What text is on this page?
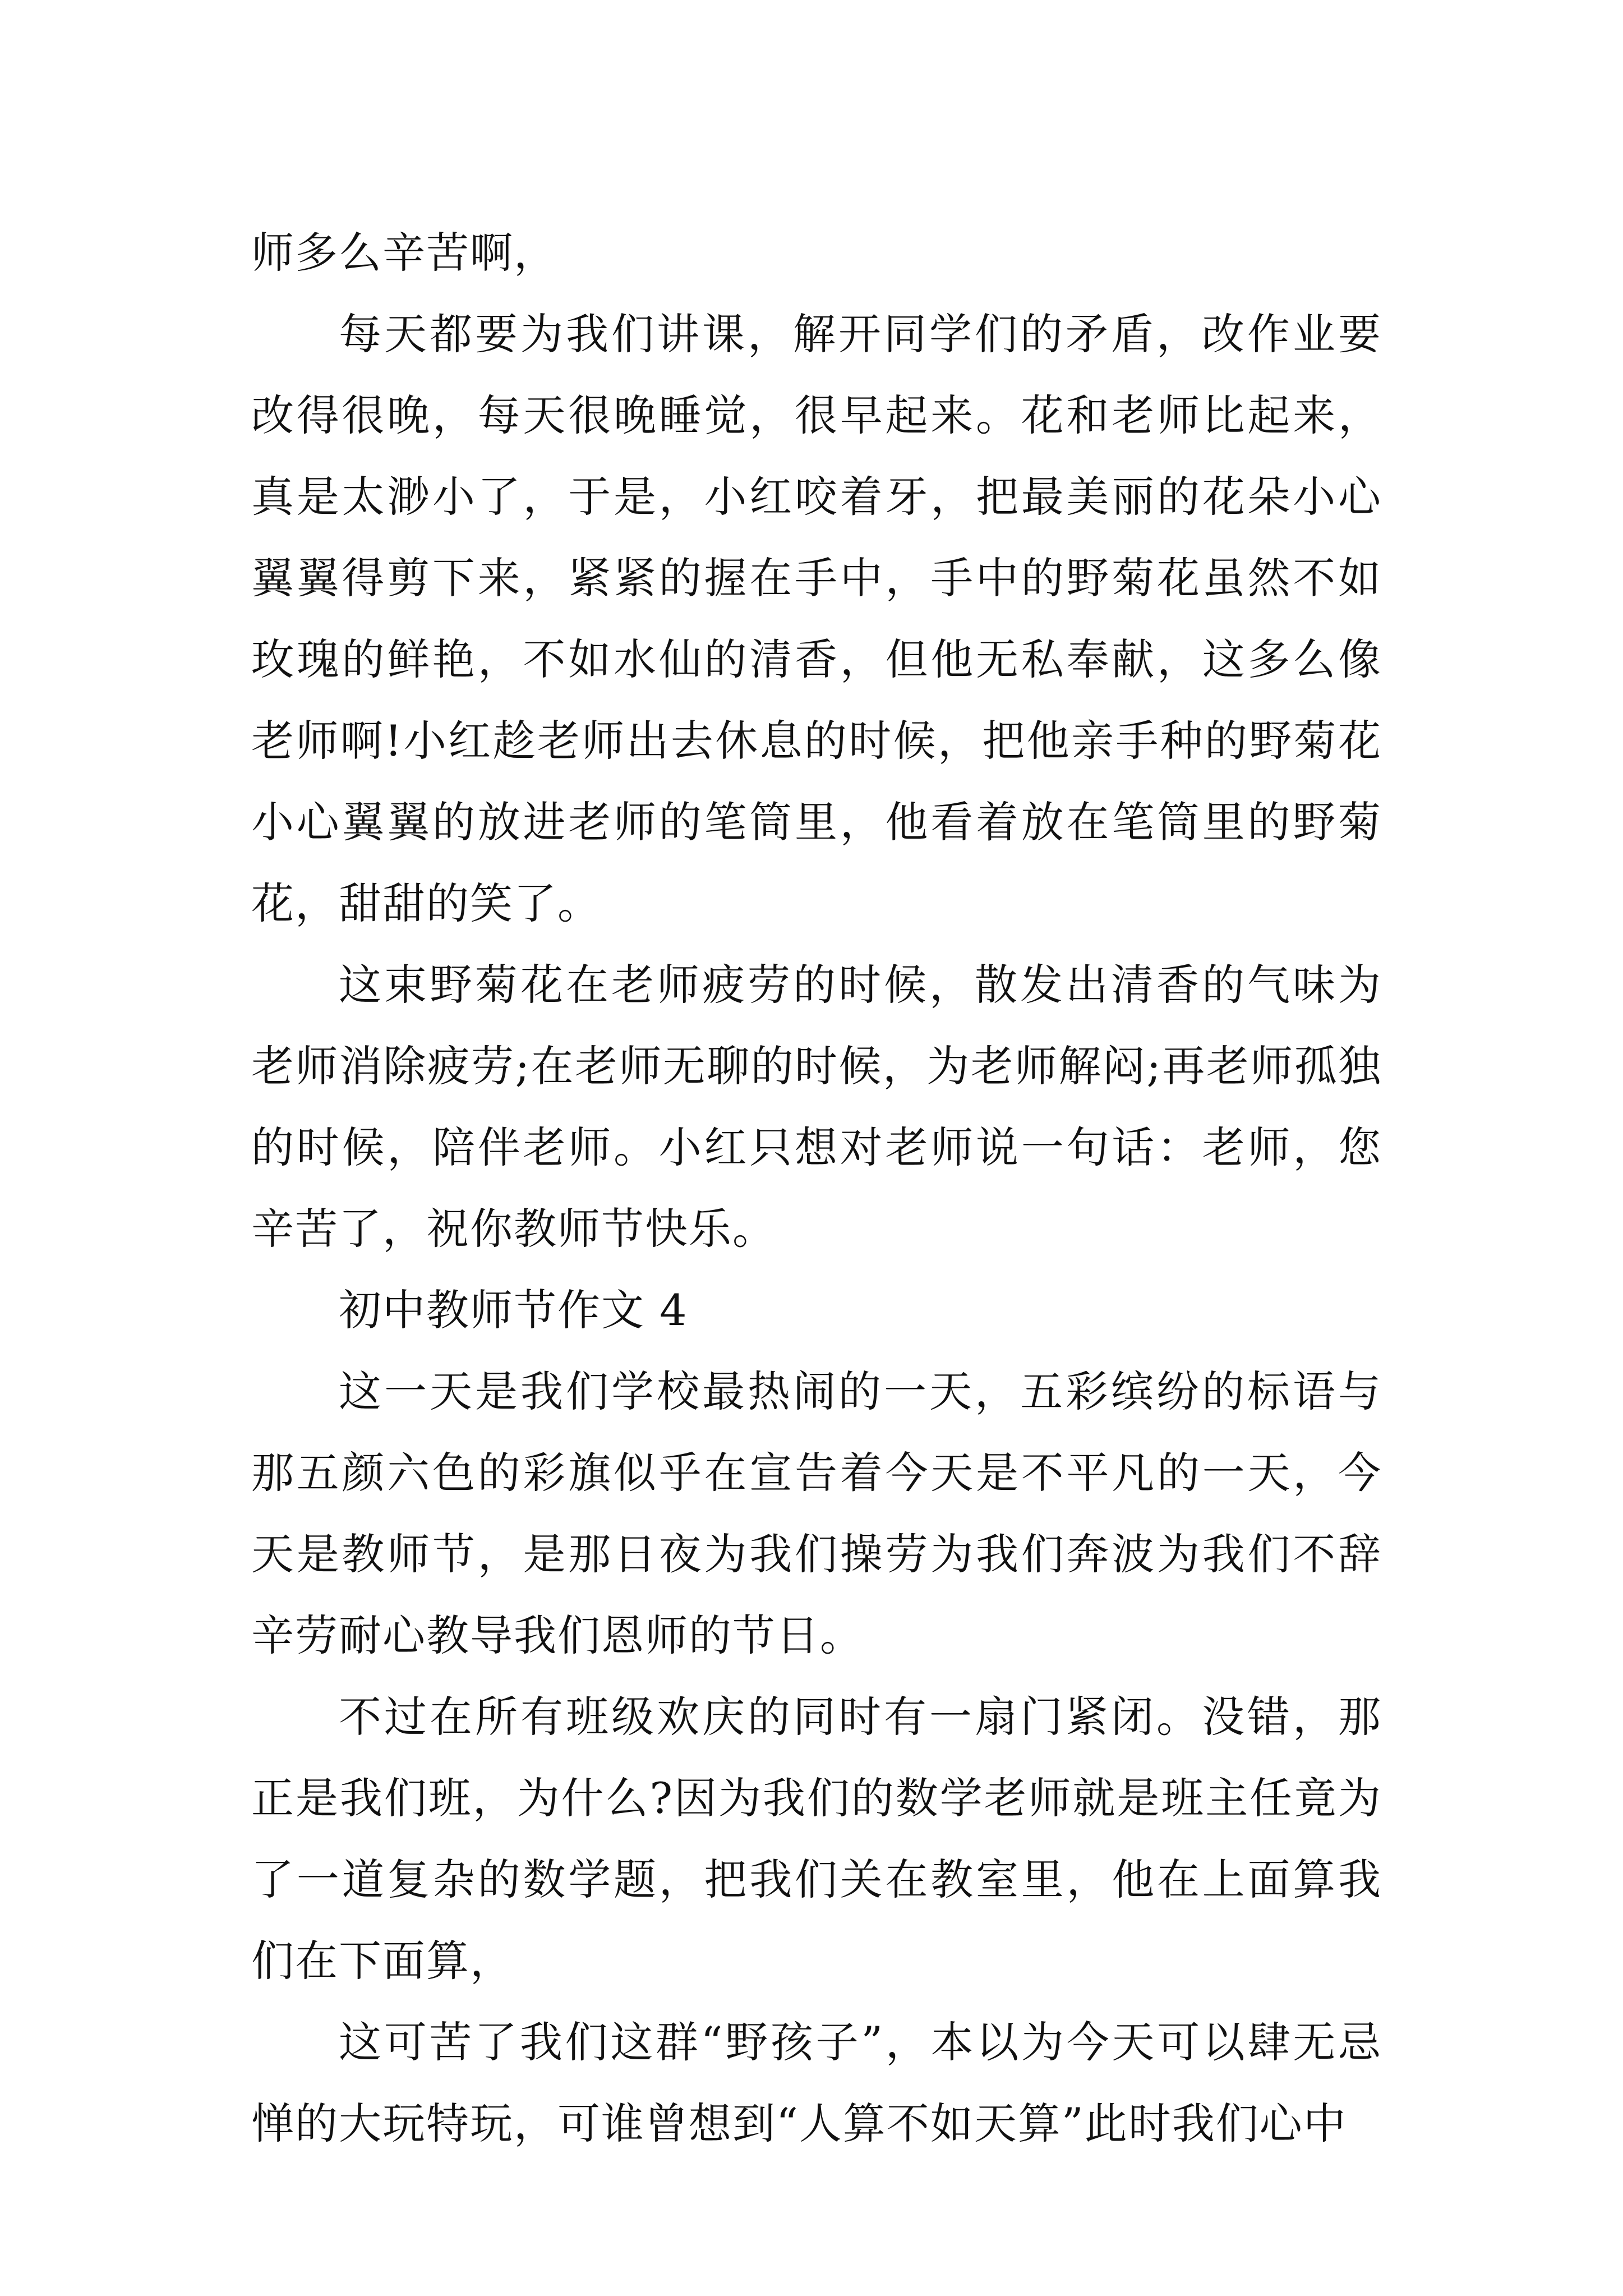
师多么辛苦啊，

每天都要为我们讲课，解开同学们的矛盾，改作业要改得很晚，每天很晚睡觉，很早起来。花和老师比起来，真是太渺小了，于是，小红咬着牙，把最美丽的花朵小心翼翼得剪下来，紧紧的握在手中，手中的野菊花虽然不如玫瑰的鲜艳，不如水仙的清香，但他无私奉献，这多么像老师啊!小红趁老师出去休息的时候，把他亲手种的野菊花小心翼翼的放进老师的笔筒里，他看着放在笔筒里的野菊花，甜甜的笑了。

这束野菊花在老师疲劳的时候，散发出清香的气味为老师消除疲劳;在老师无聊的时候，为老师解闷;再老师孤独的时候，陪伴老师。小红只想对老师说一句话：老师，您辛苦了，祝你教师节快乐。

初中教师节作文 4

这一天是我们学校最热闹的一天，五彩缤纷的标语与那五颜六色的彩旗似乎在宣告着今天是不平凡的一天，今天是教师节，是那日夜为我们操劳为我们奔波为我们不辞辛劳耐心教导我们恩师的节日。

不过在所有班级欢庆的同时有一扇门紧闭。没错，那正是我们班，为什么?因为我们的数学老师就是班主任竟为了一道复杂的数学题，把我们关在教室里，他在上面算我们在下面算，

这可苦了我们这群“野孩子”，本以为今天可以肆无忌惮的大玩特玩，可谁曾想到“人算不如天算”此时我们心中
